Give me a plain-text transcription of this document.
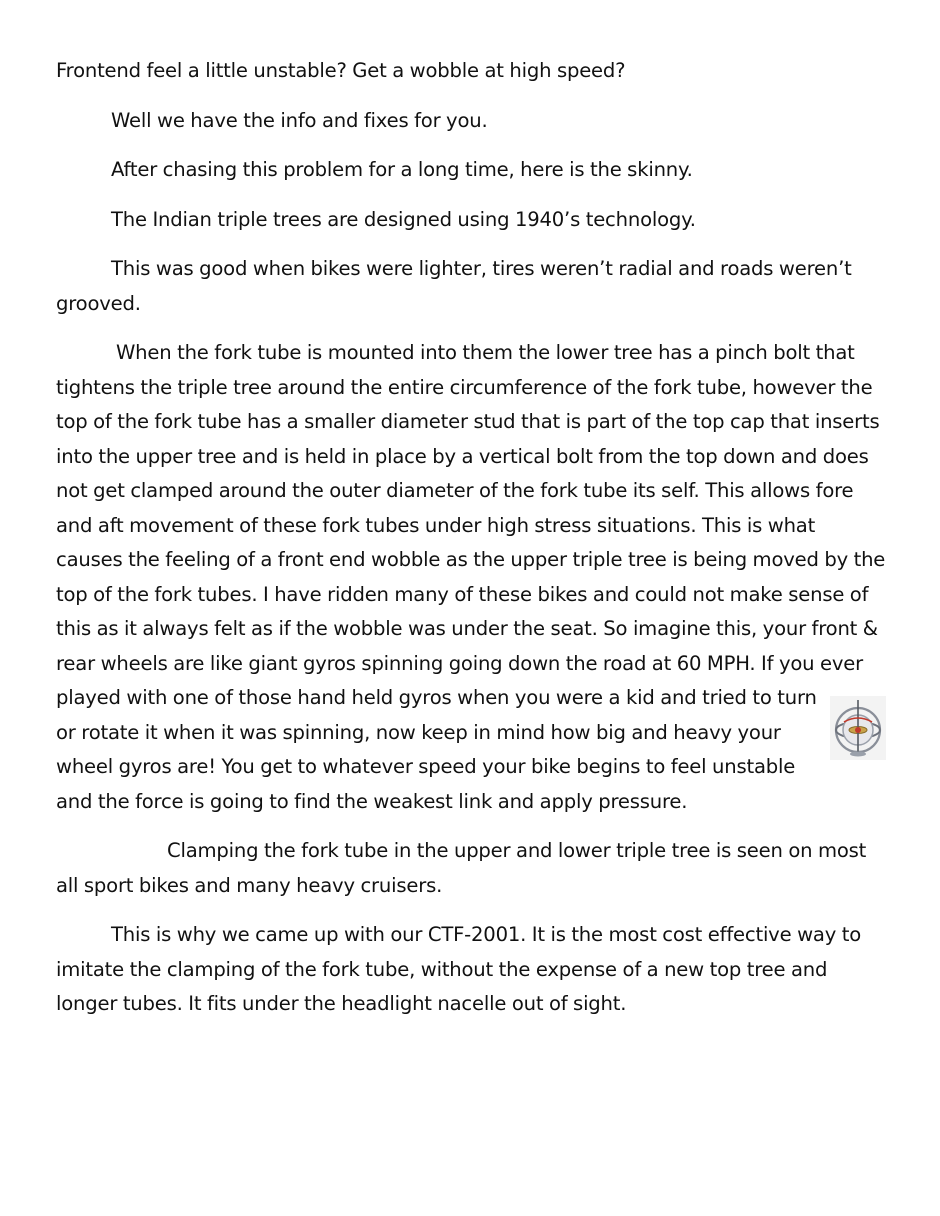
Frontend feel a little unstable? Get a wobble at high speed?

Well we have the info and fixes for you.

After chasing this problem for a long time, here is the skinny.

The Indian triple trees are designed using 1940’s technology.

This was good when bikes were lighter, tires weren’t radial and roads weren’t grooved.

When the fork tube is mounted into them the lower tree has a pinch bolt that tightens the triple tree around the entire circumference of the fork tube, however the top of the fork tube has a smaller diameter stud that is part of the top cap that inserts into the upper tree and is held in place by a vertical bolt from the top down and does not get clamped around the outer diameter of the fork tube its self. This allows fore and aft movement of these fork tubes under high stress situations. This is what causes the feeling of a front end wobble as the upper triple tree is being moved by the top of the fork tubes. I have ridden many of these bikes and could not make sense of this as it always felt as if the wobble was under the seat. So imagine this, your front & rear wheels are like giant gyros spinning going down the road at 60 MPH. If you ever played with one of those hand held gyros when you were a kid and tried to turn or rotate it when it was spinning, now keep in mind how big and heavy your wheel gyros are! You get to whatever speed your bike begins to feel unstable and the force is going to find the weakest link and apply pressure.

Clamping the fork tube in the upper and lower triple tree is seen on most all sport bikes and many heavy cruisers.

This is why we came up with our CTF-2001. It is the most cost effective way to imitate the clamping of the fork tube, without the expense of a new top tree and longer tubes. It fits under the headlight nacelle out of sight.
